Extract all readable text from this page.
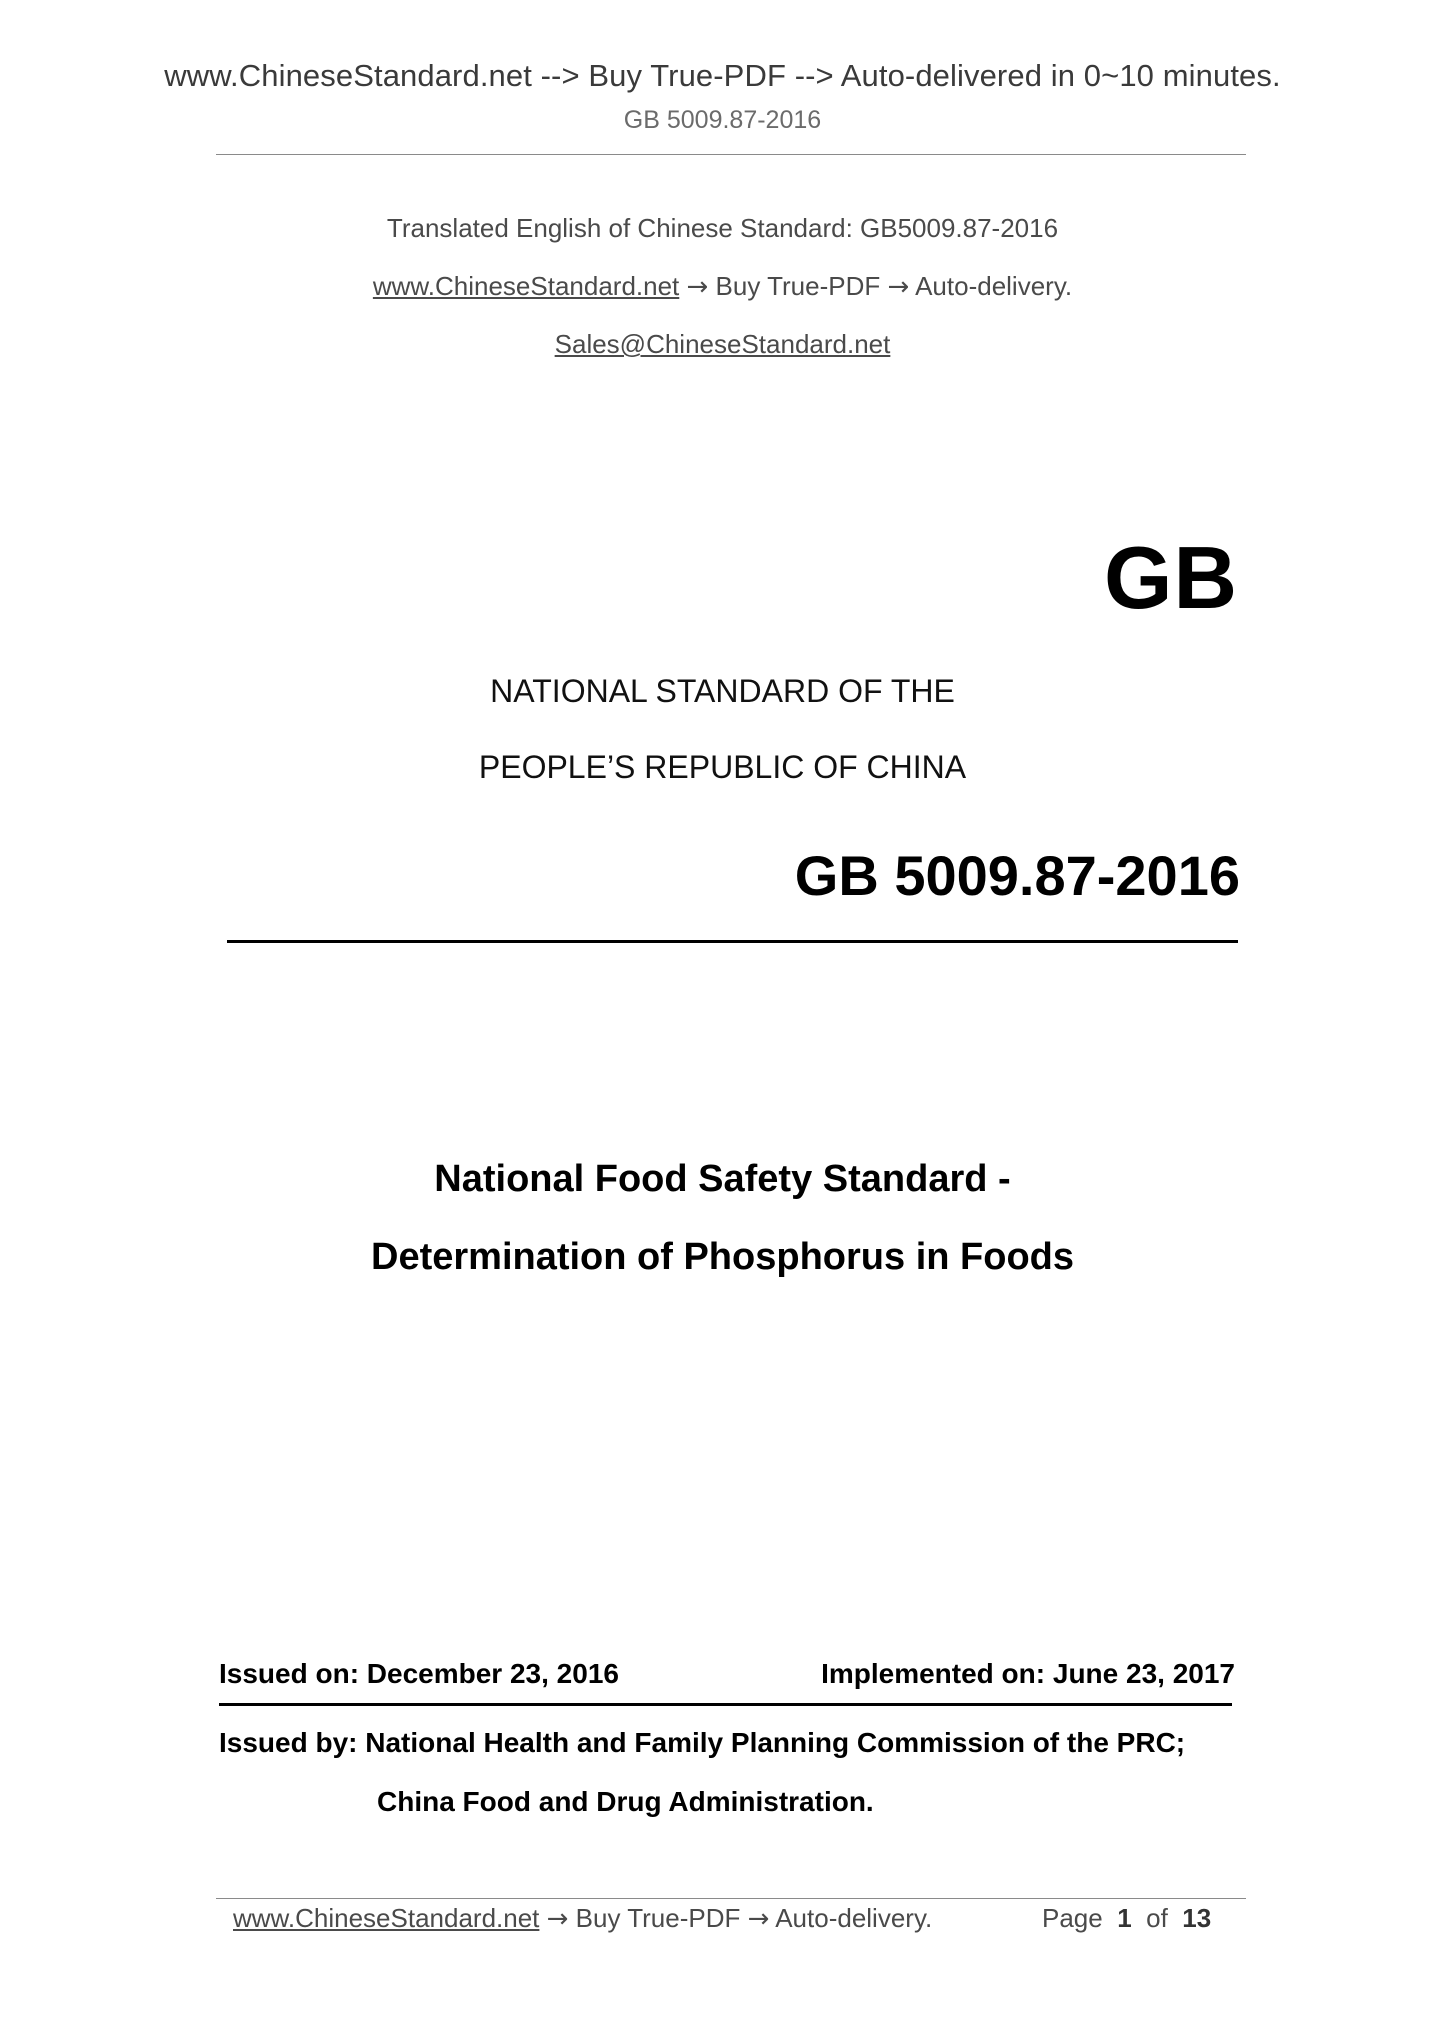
www.ChineseStandard.net --> Buy True-PDF --> Auto-delivered in 0~10 minutes.
GB 5009.87-2016
Translated English of Chinese Standard: GB5009.87-2016
www.ChineseStandard.net → Buy True-PDF → Auto-delivery.
Sales@ChineseStandard.net
GB
NATIONAL STANDARD OF THE
PEOPLE’S REPUBLIC OF CHINA
GB 5009.87-2016
National Food Safety Standard -
Determination of Phosphorus in Foods
Issued on: December 23, 2016	Implemented on: June 23, 2017
Issued by: National Health and Family Planning Commission of the PRC;
China Food and Drug Administration.
www.ChineseStandard.net → Buy True-PDF → Auto-delivery.	Page 1 of 13
